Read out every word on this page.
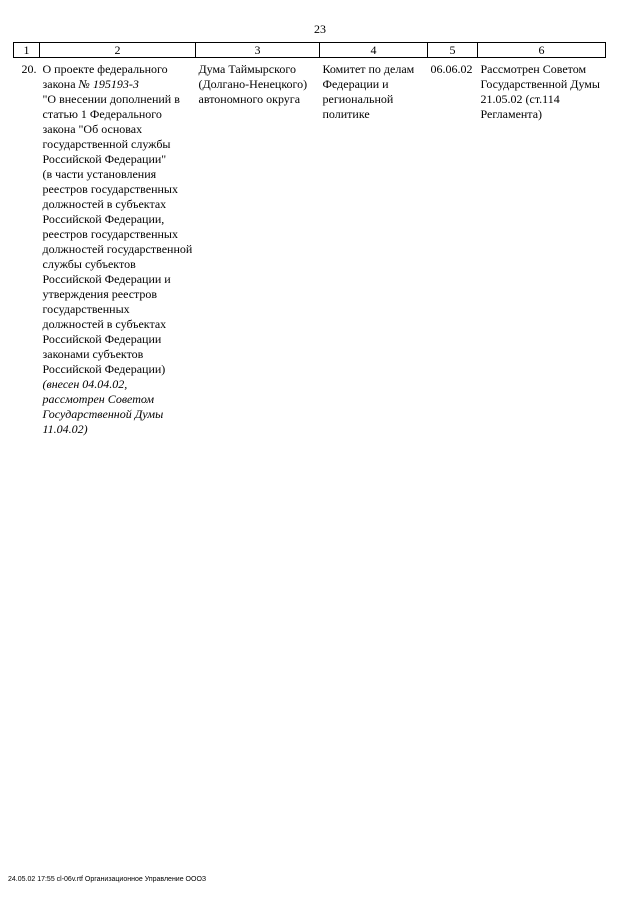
23
1	2	3	4	5	6
20.	О проекте федерального закона № 195193-3
"О внесении дополнений в статью 1 Федерального закона "Об основах государственной службы Российской Федерации"
(в части установления реестров государственных должностей в субъектах Российской Федерации, реестров государственных должностей государственной службы субъектов Российской Федерации и утверждения реестров государственных должностей в субъектах Российской Федерации законами субъектов Российской Федерации)
(внесен 04.04.02, рассмотрен Советом Государственной Думы 11.04.02)	Дума Таймырского (Долгано-Ненецкого) автономного округа	Комитет по делам Федерации и региональной политике	06.06.02	Рассмотрен Советом Государственной Думы 21.05.02 (ст.114 Регламента)
24.05.02 17:55 cl-06v.rtf Организационное Управление ОООЗ
